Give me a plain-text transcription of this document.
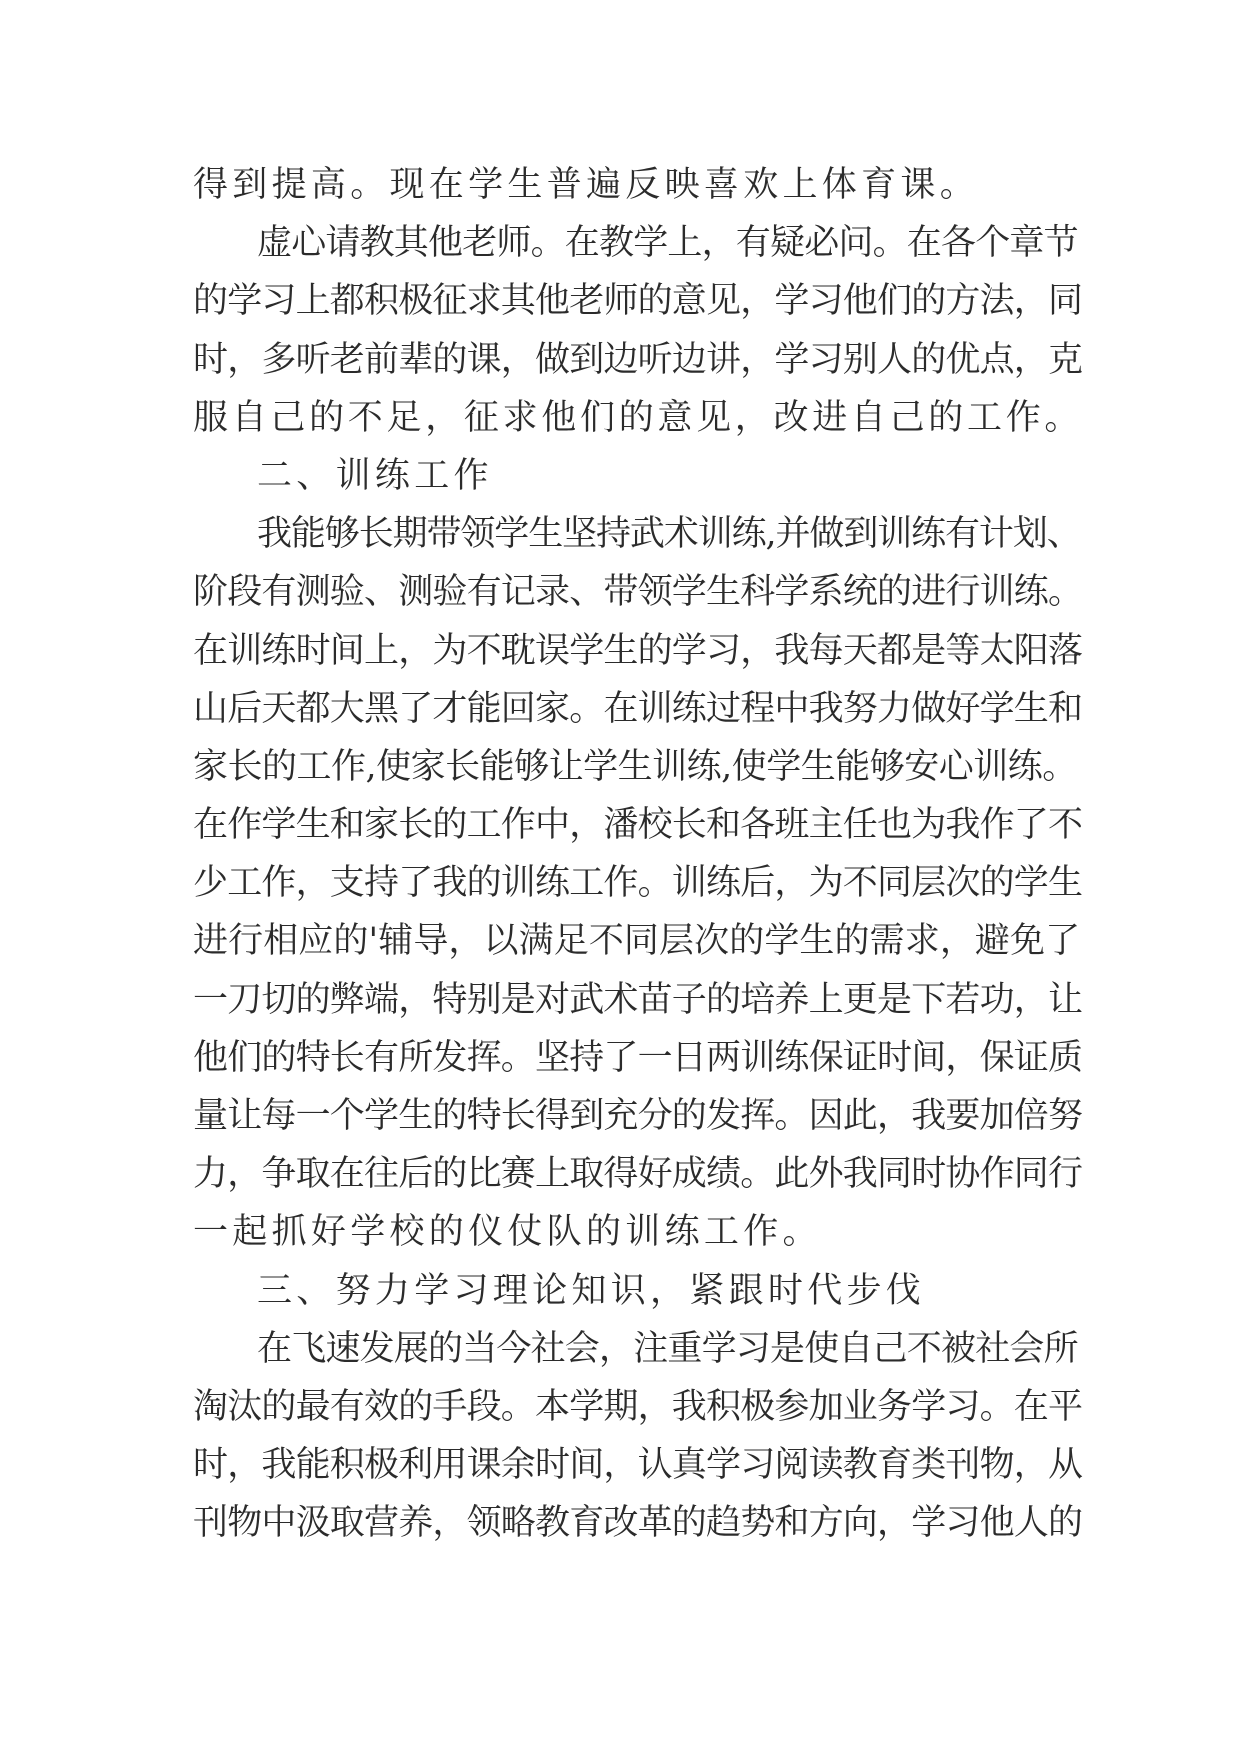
得到提高。现在学生普遍反映喜欢上体育课。
虚心请教其他老师。在教学上，有疑必问。在各个章节
的学习上都积极征求其他老师的意见，学习他们的方法，同
时，多听老前辈的课，做到边听边讲，学习别人的优点，克
服自己的不足，征求他们的意见，改进自己的工作。
二、训练工作
我能够长期带领学生坚持武术训练,并做到训练有计划、
阶段有测验、测验有记录、带领学生科学系统的进行训练。
在训练时间上，为不耽误学生的学习，我每天都是等太阳落
山后天都大黑了才能回家。在训练过程中我努力做好学生和
家长的工作,使家长能够让学生训练,使学生能够安心训练。
在作学生和家长的工作中，潘校长和各班主任也为我作了不
少工作，支持了我的训练工作。训练后，为不同层次的学生
进行相应的'辅导，以满足不同层次的学生的需求，避免了
一刀切的弊端，特别是对武术苗子的培养上更是下若功，让
他们的特长有所发挥。坚持了一日两训练保证时间，保证质
量让每一个学生的特长得到充分的发挥。因此，我要加倍努
力，争取在往后的比赛上取得好成绩。此外我同时协作同行
一起抓好学校的仪仗队的训练工作。
三、努力学习理论知识，紧跟时代步伐
在飞速发展的当今社会，注重学习是使自己不被社会所
淘汰的最有效的手段。本学期，我积极参加业务学习。在平
时，我能积极利用课余时间，认真学习阅读教育类刊物，从
刊物中汲取营养，领略教育改革的趋势和方向，学习他人的
